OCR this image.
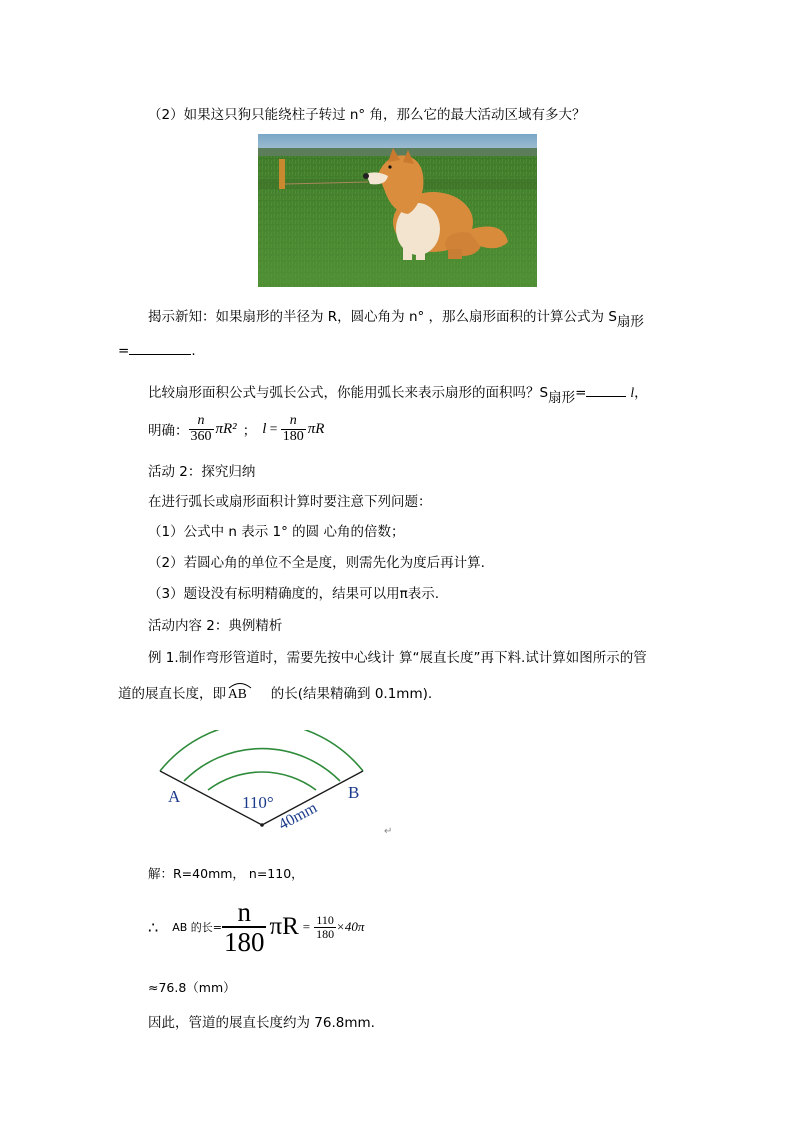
（2）如果这只狗只能绕柱子转过 n° 角，那么它的最大活动区域有多大？
揭示新知：如果扇形的半径为 R，圆心角为 n° ，那么扇形面积的计算公式为 S扇形
=	.
比较扇形面积公式与弧长公式，你能用弧长来表示扇形的面积吗？S扇形=	l，
明确： $\frac{n}{360} \pi R^2$ ； $l = \frac{n}{180}$ πR
活动 2：探究归纳
在进行弧长或扇形面积计算时要注意下列问题：
（1）公式中 n 表示 1° 的圆 心角的倍数；
（2）若圆心角的单位不全是度，则需先化为度后再计算.
（3）题设没有标明精确度的，结果可以用π表示.
活动内容 2：典例精析
例 1.制作弯形管道时，需要先按中心线计 算“展直长度”再下料.试计算如图所示的管
道的展直长度，即 AB 的长(结果精确到 0.1mm).
A	B
110° 40mm	↵
解：R=40mm， n=110，
∴ AB 的长= $\frac{n}{180}$ $\pi R = \frac{110}{180} \times 40\pi$
≈76.8（mm）
因此，管道的展直长度约为 76.8mm.
